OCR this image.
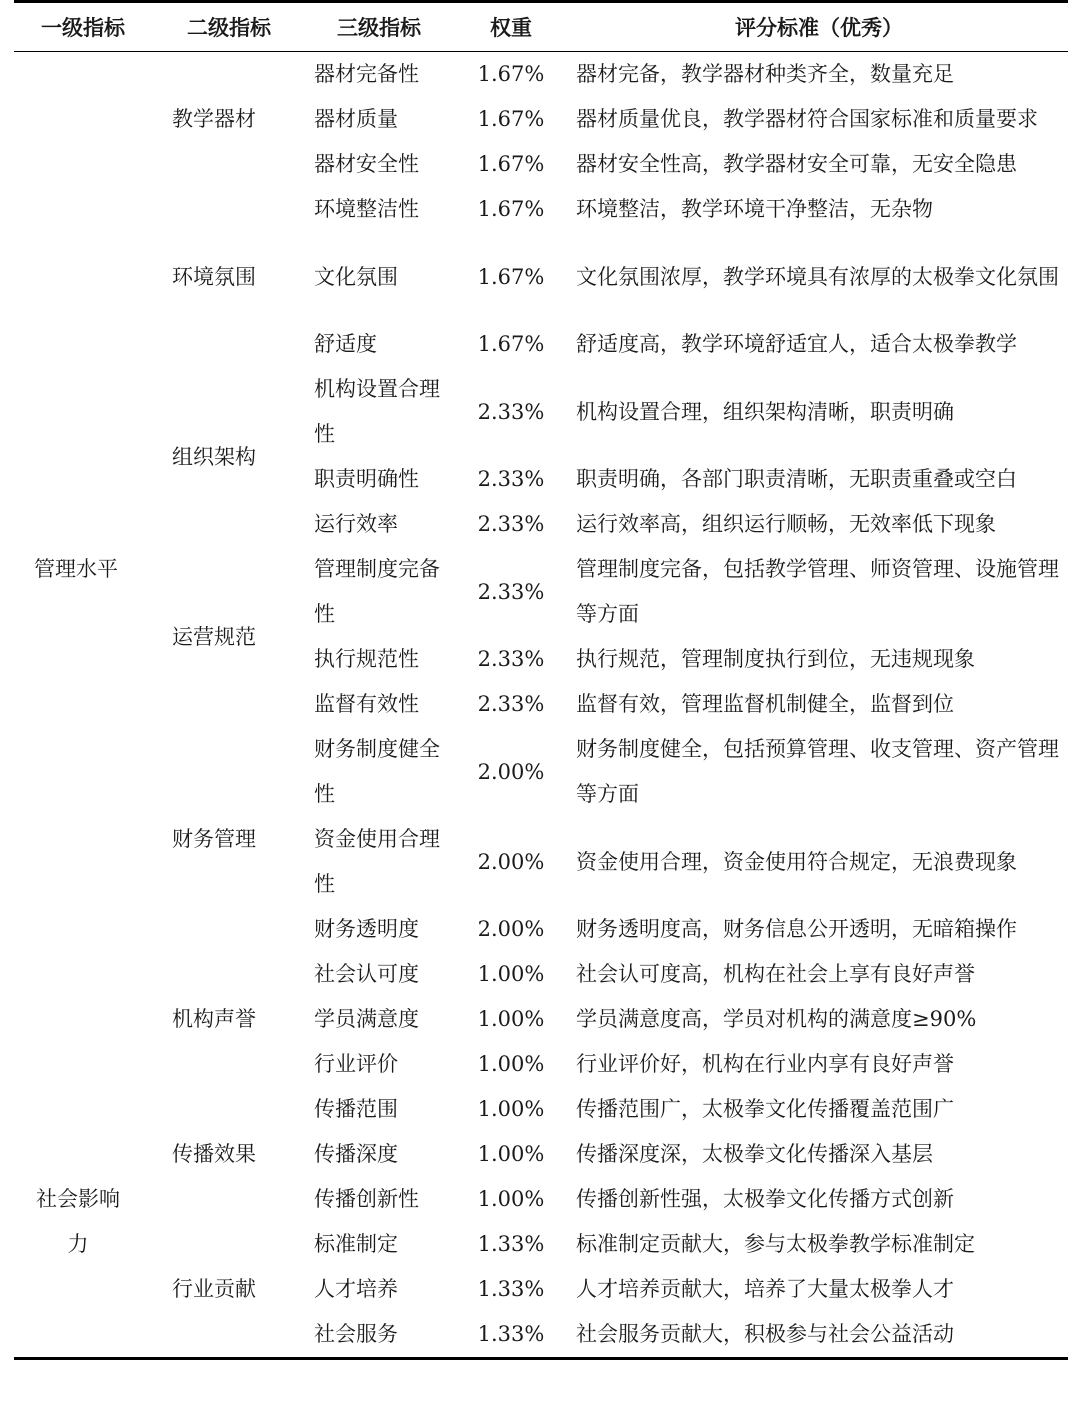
一级指标	二级指标	三级指标	权重	评分标准（优秀）

管理水平	教学器材	器材完备性	1.67%	器材完备，教学器材种类齐全，数量充足
		器材质量	1.67%	器材质量优良，教学器材符合国家标准和质量要求
		器材安全性	1.67%	器材安全性高，教学器材安全可靠，无安全隐患
	环境氛围	环境整洁性	1.67%	环境整洁，教学环境干净整洁，无杂物
		文化氛围	1.67%	文化氛围浓厚，教学环境具有浓厚的太极拳文化氛围
		舒适度	1.67%	舒适度高，教学环境舒适宜人，适合太极拳教学
	组织架构	机构设置合理性	2.33%	机构设置合理，组织架构清晰，职责明确
		职责明确性	2.33%	职责明确，各部门职责清晰，无职责重叠或空白
		运行效率	2.33%	运行效率高，组织运行顺畅，无效率低下现象
	运营规范	管理制度完备性	2.33%	管理制度完备，包括教学管理、师资管理、设施管理等方面
		执行规范性	2.33%	执行规范，管理制度执行到位，无违规现象
		监督有效性	2.33%	监督有效，管理监督机制健全，监督到位
	财务管理	财务制度健全性	2.00%	财务制度健全，包括预算管理、收支管理、资产管理等方面
		资金使用合理性	2.00%	资金使用合理，资金使用符合规定，无浪费现象
		财务透明度	2.00%	财务透明度高，财务信息公开透明，无暗箱操作
	机构声誉	社会认可度	1.00%	社会认可度高，机构在社会上享有良好声誉
		学员满意度	1.00%	学员满意度高，学员对机构的满意度≥90%
		行业评价	1.00%	行业评价好，机构在行业内享有良好声誉

社会影响力	传播效果	传播范围	1.00%	传播范围广，太极拳文化传播覆盖范围广
		传播深度	1.00%	传播深度深，太极拳文化传播深入基层
		传播创新性	1.00%	传播创新性强，太极拳文化传播方式创新
	行业贡献	标准制定	1.33%	标准制定贡献大，参与太极拳教学标准制定
		人才培养	1.33%	人才培养贡献大，培养了大量太极拳人才
		社会服务	1.33%	社会服务贡献大，积极参与社会公益活动
